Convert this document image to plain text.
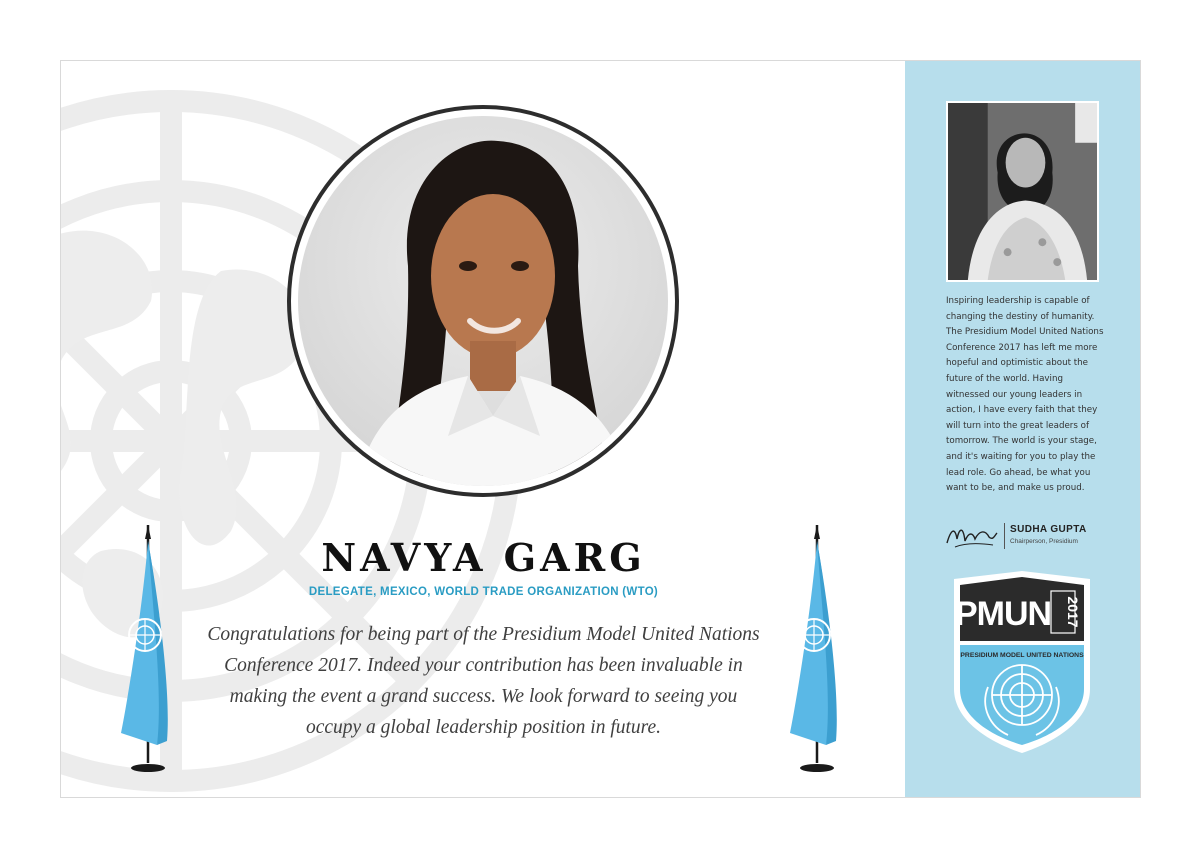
NAVYA GARG
DELEGATE, MEXICO, WORLD TRADE ORGANIZATION (WTO)

Congratulations for being part of the Presidium Model United Nations Conference 2017. Indeed your contribution has been invaluable in making the event a grand success. We look forward to seeing you occupy a global leadership position in future.

Inspiring leadership is capable of changing the destiny of humanity. The Presidium Model United Nations Conference 2017 has left me more hopeful and optimistic about the future of the world. Having witnessed our young leaders in action, I have every faith that they will turn into the great leaders of tomorrow. The world is your stage, and it's waiting for you to play the lead role. Go ahead, be what you want to be, and make us proud.

SUDHA GUPTA
Chairperson, Presidium
PMUN 2017
PRESIDIUM MODEL UNITED NATIONS
